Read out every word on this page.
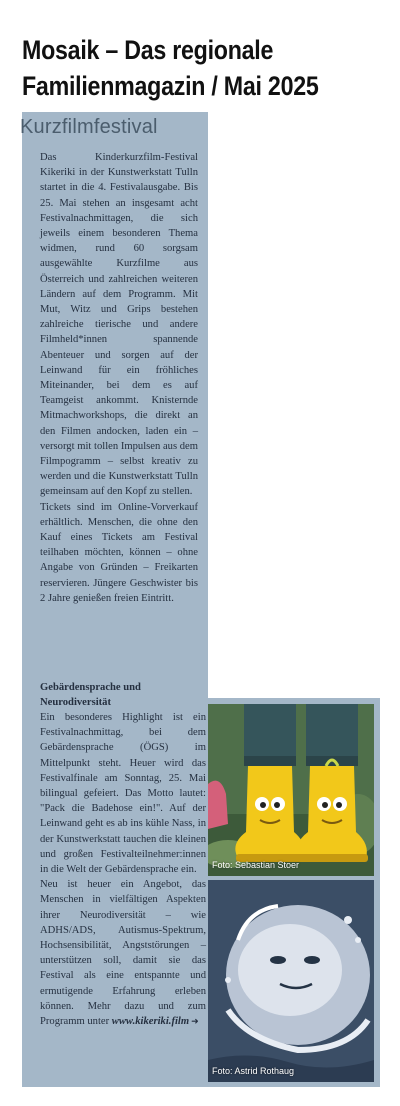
Mosaik – Das regionale
Familienmagazin / Mai 2025
Kurzfilmfestival

Das Kinderkurzfilm-Festival Kikeriki in der Kunstwerkstatt Tulln startet in die 4. Festivalausgabe. Bis 25. Mai stehen an insgesamt acht Festivalnachmittagen, die sich jeweils einem besonderen Thema widmen, rund 60 sorgsam ausgewählte Kurzfilme aus Österreich und zahlreichen weiteren Ländern auf dem Programm. Mit Mut, Witz und Grips bestehen zahlreiche tierische und andere Filmheld*innen spannende Abenteuer und sorgen auf der Leinwand für ein fröhliches Miteinander, bei dem es auf Teamgeist ankommt. Knisternde Mitmachworkshops, die direkt an den Filmen andocken, laden ein – versorgt mit tollen Impulsen aus dem Filmpogramm – selbst kreativ zu werden und die Kunstwerkstatt Tulln gemeinsam auf den Kopf zu stellen.

Tickets sind im Online-Vorverkauf erhältlich. Menschen, die ohne den Kauf eines Tickets am Festival teilhaben möchten, können – ohne Angabe von Gründen – Freikarten reservieren. Jüngere Geschwister bis 2 Jahre genießen freien Eintritt.

Gebärdensprache und Neurodiversität

Ein besonderes Highlight ist ein Festivalnachmittag, bei dem Gebärdensprache (ÖGS) im Mittelpunkt steht. Heuer wird das Festivalfinale am Sonntag, 25. Mai bilingual gefeiert. Das Motto lautet: "Pack die Badehose ein!". Auf der Leinwand geht es ab ins kühle Nass, in der Kunstwerkstatt tauchen die kleinen und großen Festivalteilnehmer:innen in die Welt der Gebärdensprache ein.

Neu ist heuer ein Angebot, das Menschen in vielfältigen Aspekten ihrer Neurodiversität – wie ADHS/ADS, Autismus-Spektrum, Hochsensibilität, Angststörungen – unterstützen soll, damit sie das Festival als eine entspannte und ermutigende Erfahrung erleben können. Mehr dazu und zum Programm unter www.kikeriki.film ➜

Foto: Sebastian Stoer
Foto: Astrid Rothaug
